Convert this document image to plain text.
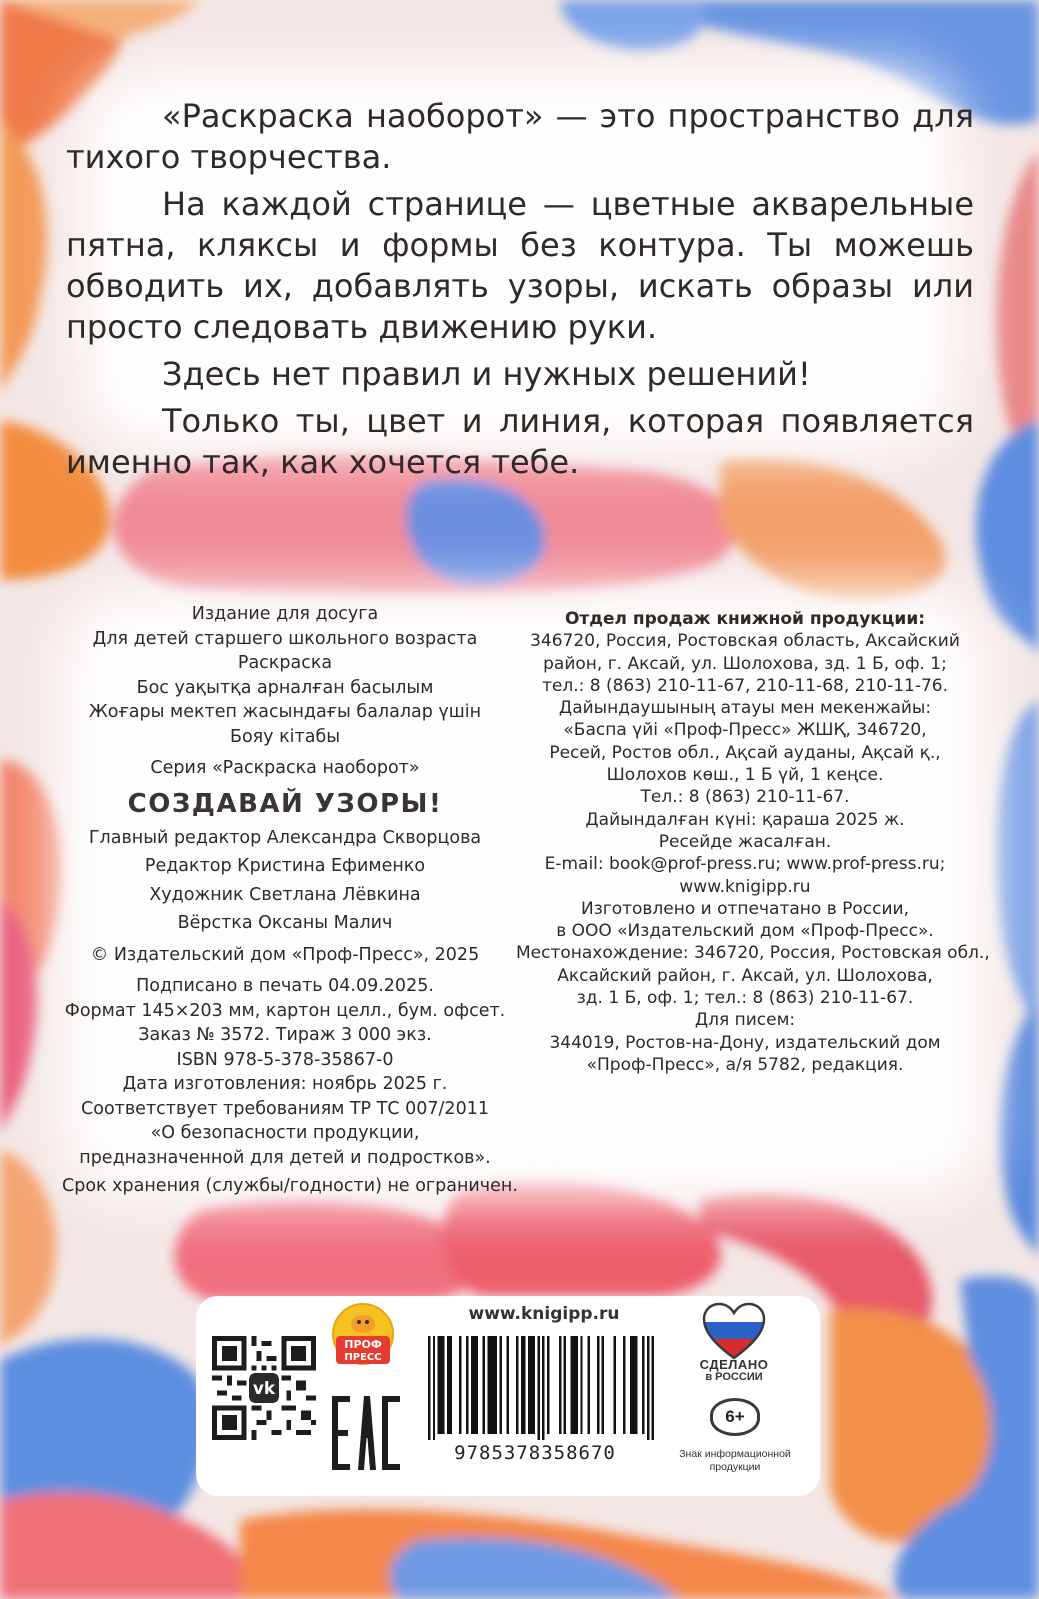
«Раскраска наоборот» — это пространство для тихого творчества.

На каждой странице — цветные акварельные пятна, кляксы и формы без контура. Ты можешь обводить их, добавлять узоры, искать образы или просто следовать движению руки.

Здесь нет правил и нужных решений!

Только ты, цвет и линия, которая появляется именно так, как хочется тебе.

Издание для досуга
Для детей старшего школьного возраста
Раскраска
Бос уақытқа арналған басылым
Жоғары мектеп жасындағы балалар үшін
Бояу кітабы
Серия «Раскраска наоборот»
СОЗДАВАЙ УЗОРЫ!
Главный редактор Александра Скворцова
Редактор Кристина Ефименко
Художник Светлана Лёвкина
Вёрстка Оксаны Малич
© Издательский дом «Проф-Пресс», 2025
Подписано в печать 04.09.2025.
Формат 145×203 мм, картон целл., бум. офсет.
Заказ № 3572. Тираж 3 000 экз.
ISBN 978-5-378-35867-0
Дата изготовления: ноябрь 2025 г.
Соответствует требованиям ТР ТС 007/2011
«О безопасности продукции,
предназначенной для детей и подростков».
Срок хранения (службы/годности) не ограничен.
Отдел продаж книжной продукции:
346720, Россия, Ростовская область, Аксайский
район, г. Аксай, ул. Шолохова, зд. 1 Б, оф. 1;
тел.: 8 (863) 210-11-67, 210-11-68, 210-11-76.
Дайындаушының атауы мен мекенжайы:
«Баспа үйі «Проф-Пресс» ЖШҚ, 346720,
Ресей, Ростов обл., Ақсай ауданы, Ақсай қ.,
Шолохов көш., 1 Б үй, 1 кеңсе.
Тел.: 8 (863) 210-11-67.
Дайындалған күні: қараша 2025 ж.
Ресейде жасалған.
E-mail: book@prof-press.ru; www.prof-press.ru;
www.knigipp.ru
Изготовлено и отпечатано в России,
в ООО «Издательский дом «Проф-Пресс».
Местонахождение: 346720, Россия, Ростовская обл.,
Аксайский район, г. Аксай, ул. Шолохова,
зд. 1 Б, оф. 1; тел.: 8 (863) 210-11-67.
Для писем:
344019, Ростов-на-Дону, издательский дом
«Проф-Пресс», а/я 5782, редакция.
vk
ПРОФ
ПРЕСС
www.knigipp.ru
9785378358670
СДЕЛАНО
в РОССИИ
6+
Знак информационной
продукции
